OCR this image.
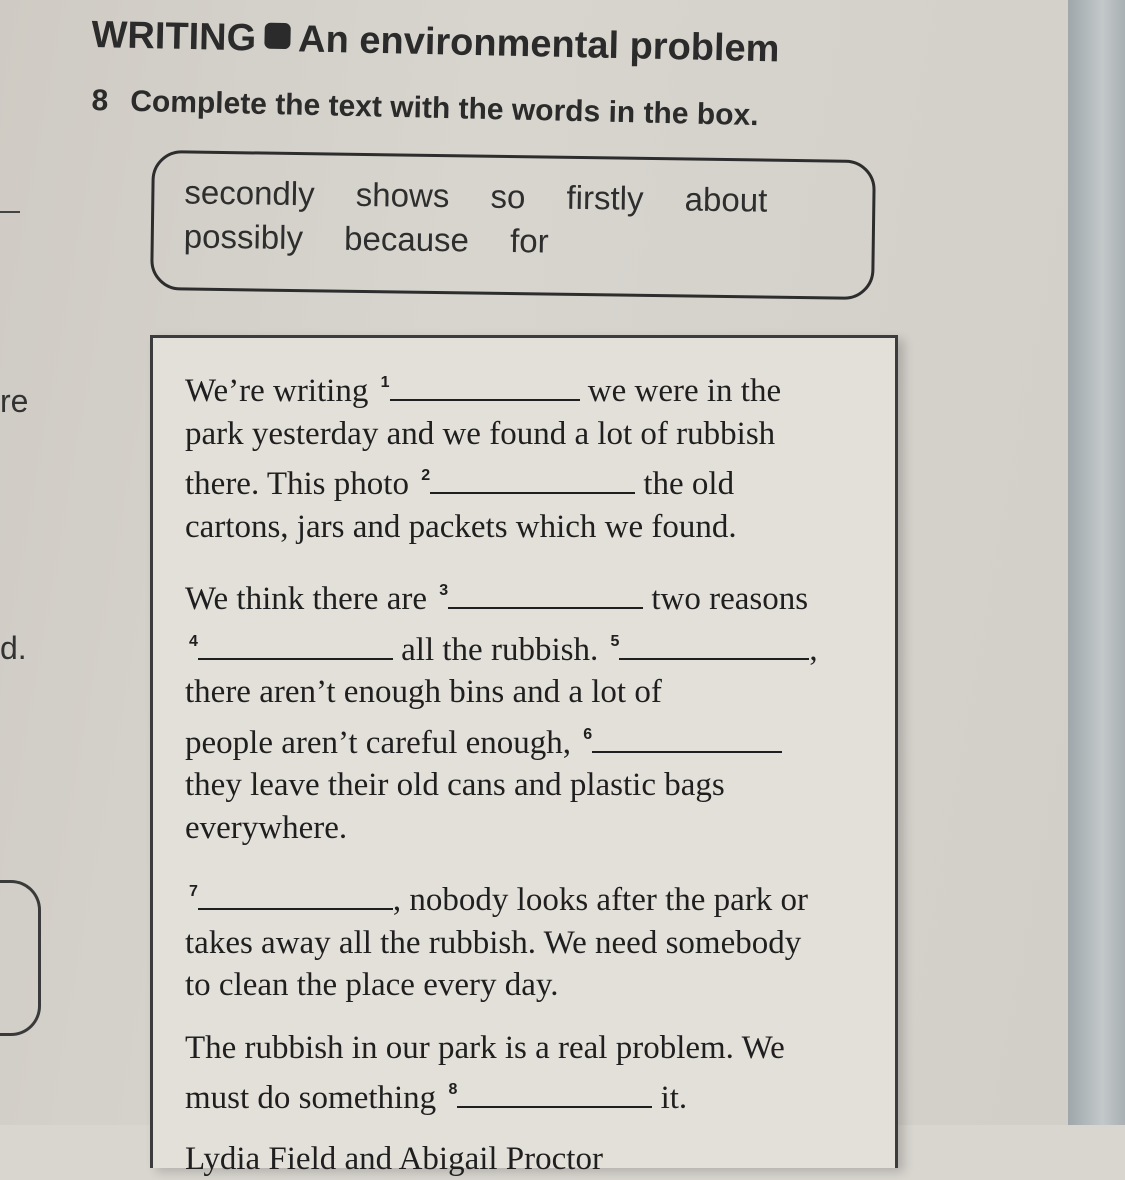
re
d.
WRITING An environmental problem
8 Complete the text with the words in the box.
secondly shows so firstly about
possibly because for
We’re writing $^1$	we were in the
park yesterday and we found a lot of rubbish
there. This photo $^2$	the old
cartons, jars and packets which we found.
We think there are $^3$	two reasons
$^4$	all the rubbish. $^5$	,
there aren’t enough bins and a lot of
people aren’t careful enough, $^6$
they leave their old cans and plastic bags
everywhere.
$^7$	, nobody looks after the park or
takes away all the rubbish. We need somebody
to clean the place every day.
The rubbish in our park is a real problem. We
must do something $^8$	it.
Lydia Field and Abigail Proctor
